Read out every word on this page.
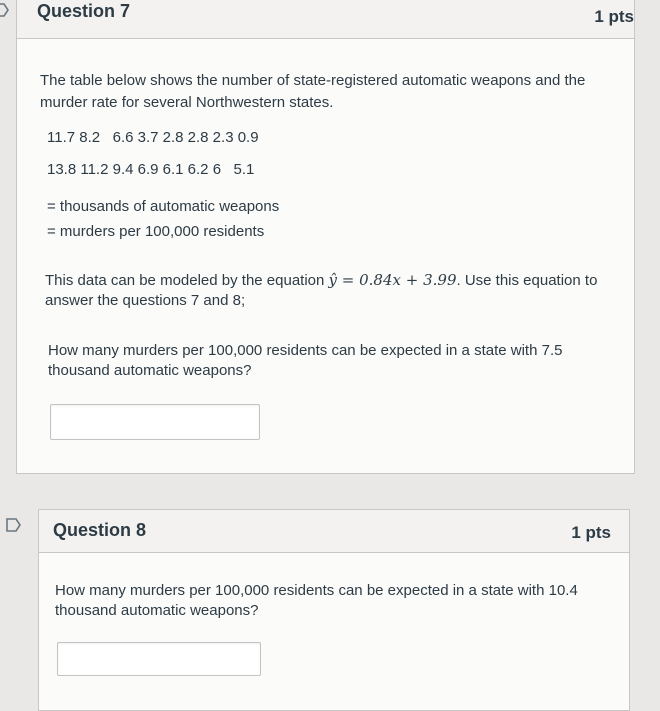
Question 7	1 pts
The table below shows the number of state-registered automatic weapons and the
murder rate for several Northwestern states.
11.7 8.2   6.6 3.7 2.8 2.8 2.3 0.9
13.8 11.2 9.4 6.9 6.1 6.2 6   5.1
= thousands of automatic weapons
= murders per 100,000 residents
This data can be modeled by the equation ŷ = 0.84x + 3.99. Use this equation to
answer the questions 7 and 8;
How many murders per 100,000 residents can be expected in a state with 7.5
thousand automatic weapons?
Question 8	1 pts
How many murders per 100,000 residents can be expected in a state with 10.4
thousand automatic weapons?
